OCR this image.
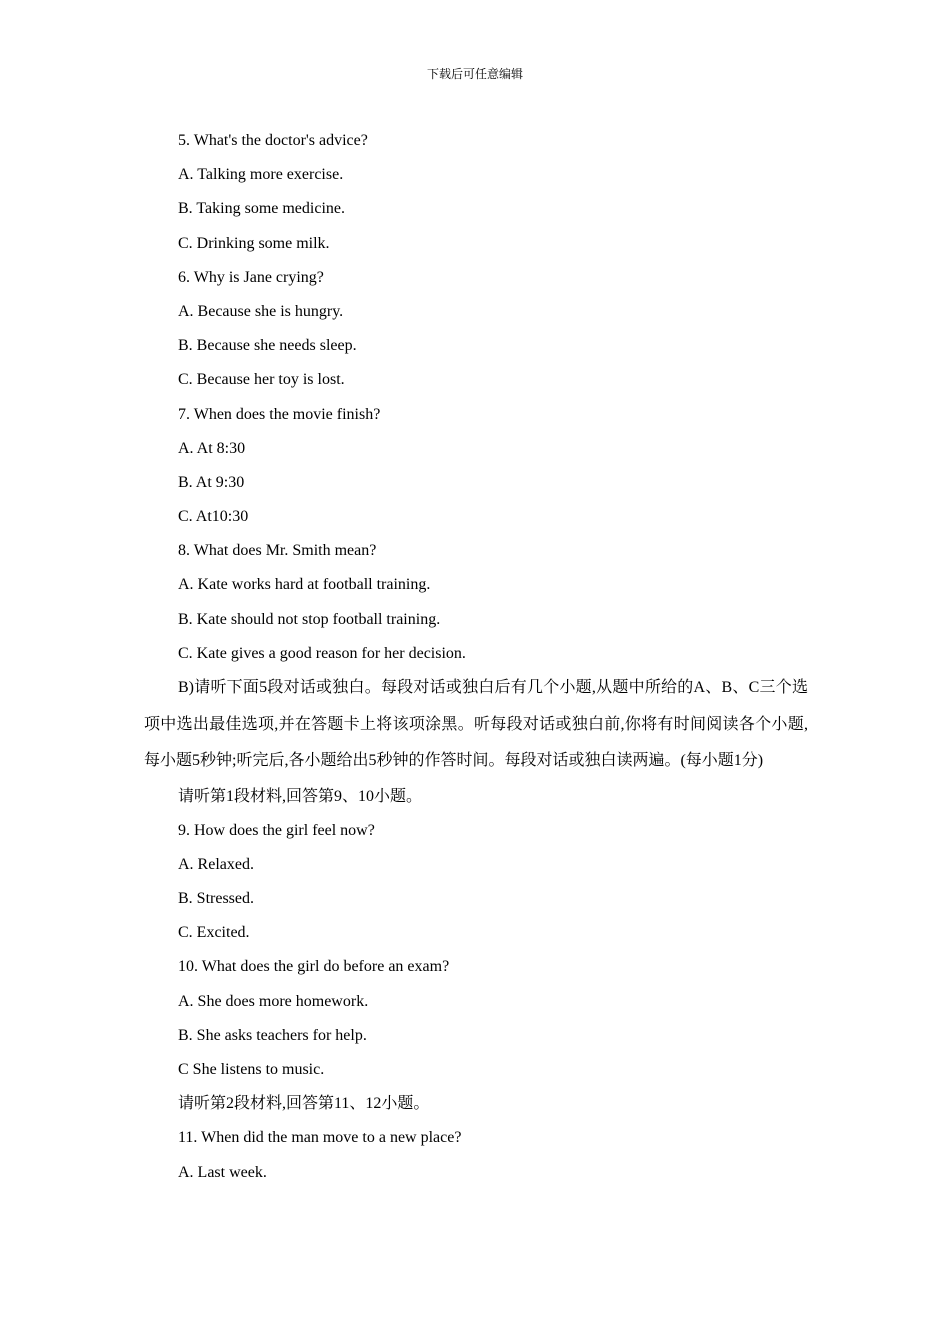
下载后可任意编辑
5. What's the doctor's advice?
A. Talking more exercise.
B. Taking some medicine.
C. Drinking some milk.
6. Why is Jane crying?
A. Because she is hungry.
B. Because she needs sleep.
C. Because her toy is lost.
7. When does the movie finish?
A. At 8:30
B. At 9:30
C. At10:30
8. What does Mr. Smith mean?
A. Kate works hard at football training.
B. Kate should not stop football training.
C. Kate gives a good reason for her decision.

B)请听下面5段对话或独白。每段对话或独白后有几个小题,从题中所给的A、B、C三个选项中选出最佳选项,并在答题卡上将该项涂黑。听每段对话或独白前,你将有时间阅读各个小题,每小题5秒钟;听完后,各小题给出5秒钟的作答时间。每段对话或独白读两遍。(每小题1分)

请听第1段材料,回答第9、10小题。
9. How does the girl feel now?
A. Relaxed.
B. Stressed.
C. Excited.
10. What does the girl do before an exam?
A. She does more homework.
B. She asks teachers for help.
C She listens to music.
请听第2段材料,回答第11、12小题。
11. When did the man move to a new place?
A. Last week.
